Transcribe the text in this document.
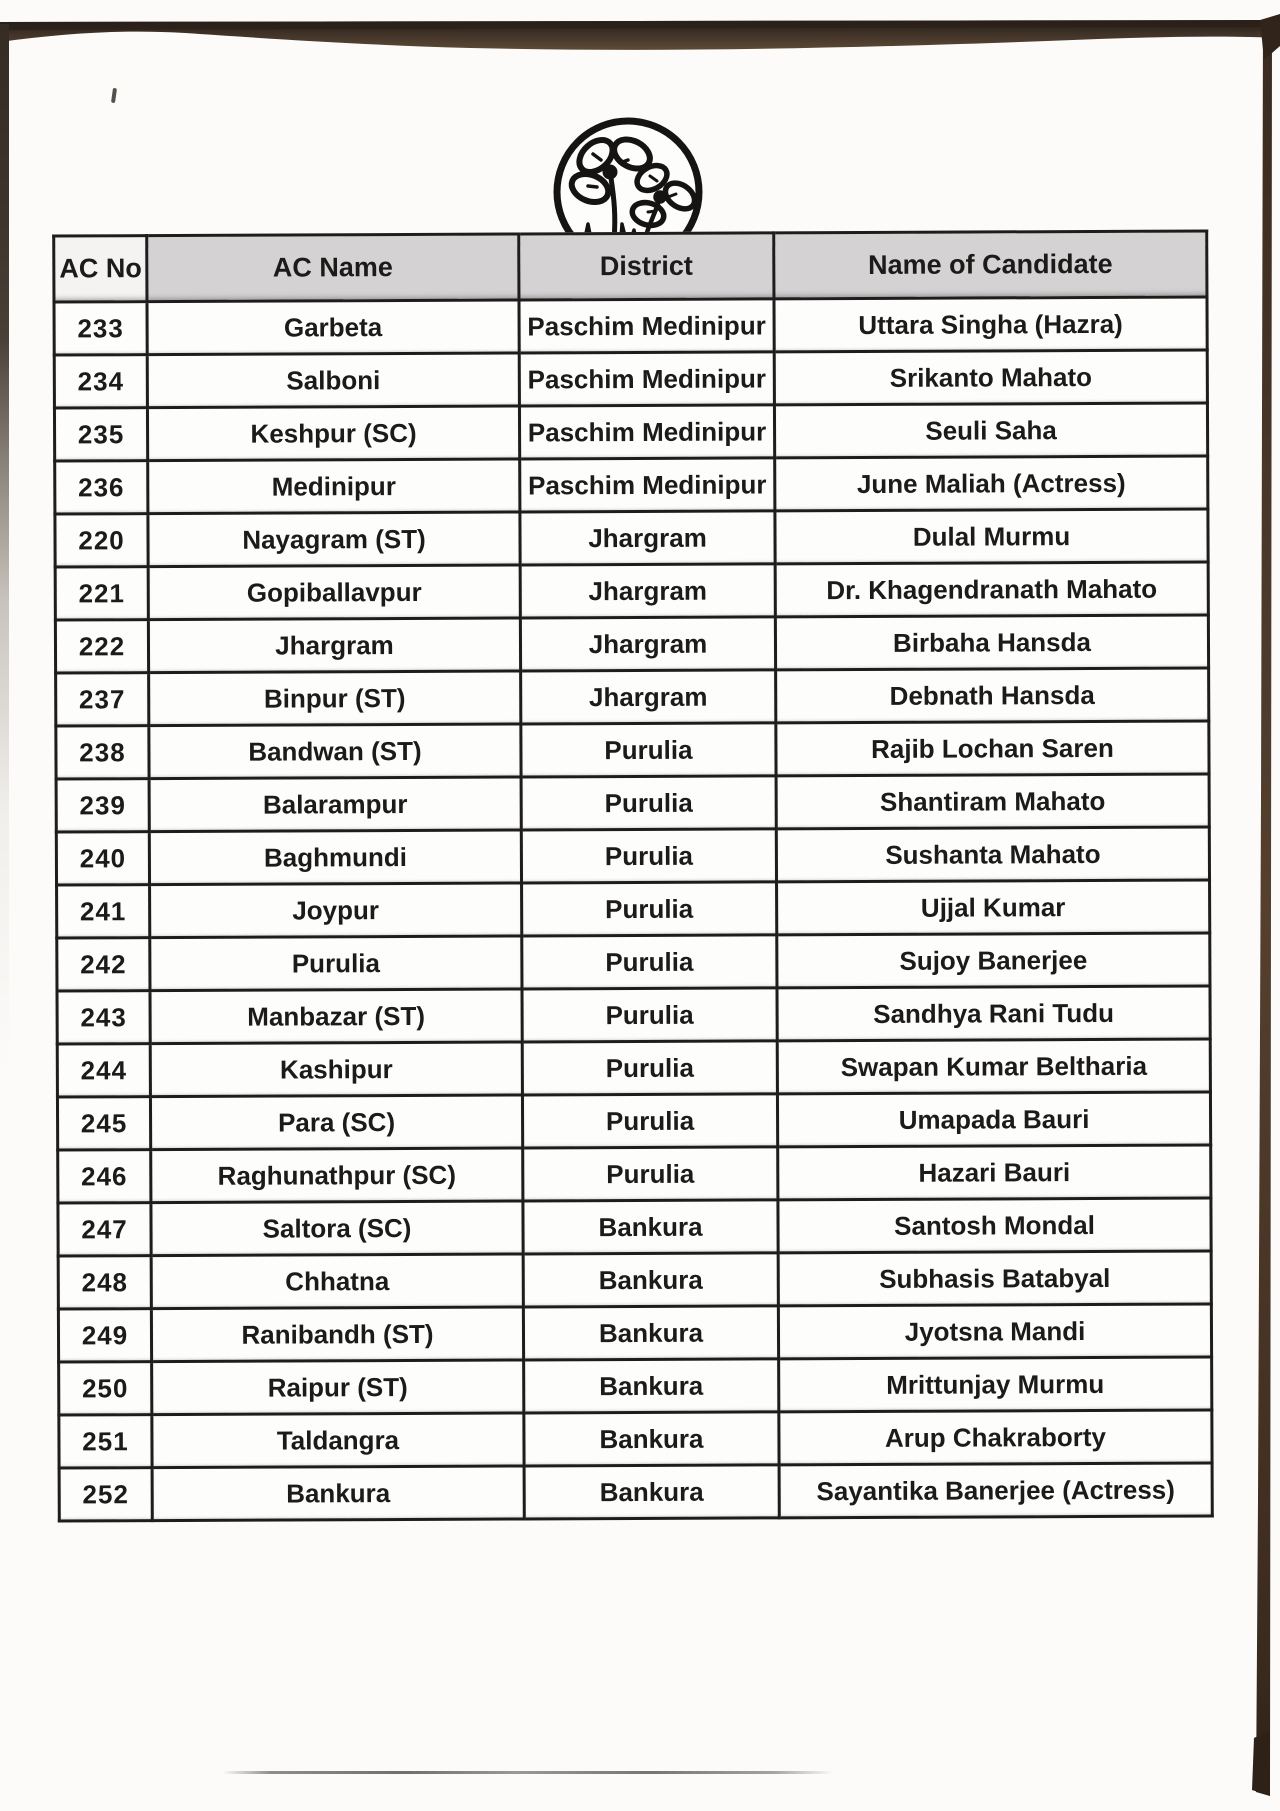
AC No	AC Name	District	Name of Candidate
233	Garbeta	Paschim Medinipur	Uttara Singha (Hazra)
234	Salboni	Paschim Medinipur	Srikanto Mahato
235	Keshpur (SC)	Paschim Medinipur	Seuli Saha
236	Medinipur	Paschim Medinipur	June Maliah (Actress)
220	Nayagram (ST)	Jhargram	Dulal Murmu
221	Gopiballavpur	Jhargram	Dr. Khagendranath Mahato
222	Jhargram	Jhargram	Birbaha Hansda
237	Binpur (ST)	Jhargram	Debnath Hansda
238	Bandwan (ST)	Purulia	Rajib Lochan Saren
239	Balarampur	Purulia	Shantiram Mahato
240	Baghmundi	Purulia	Sushanta Mahato
241	Joypur	Purulia	Ujjal Kumar
242	Purulia	Purulia	Sujoy Banerjee
243	Manbazar (ST)	Purulia	Sandhya Rani Tudu
244	Kashipur	Purulia	Swapan Kumar Beltharia
245	Para (SC)	Purulia	Umapada Bauri
246	Raghunathpur (SC)	Purulia	Hazari Bauri
247	Saltora (SC)	Bankura	Santosh Mondal
248	Chhatna	Bankura	Subhasis Batabyal
249	Ranibandh (ST)	Bankura	Jyotsna Mandi
250	Raipur (ST)	Bankura	Mrittunjay Murmu
251	Taldangra	Bankura	Arup Chakraborty
252	Bankura	Bankura	Sayantika Banerjee (Actress)
